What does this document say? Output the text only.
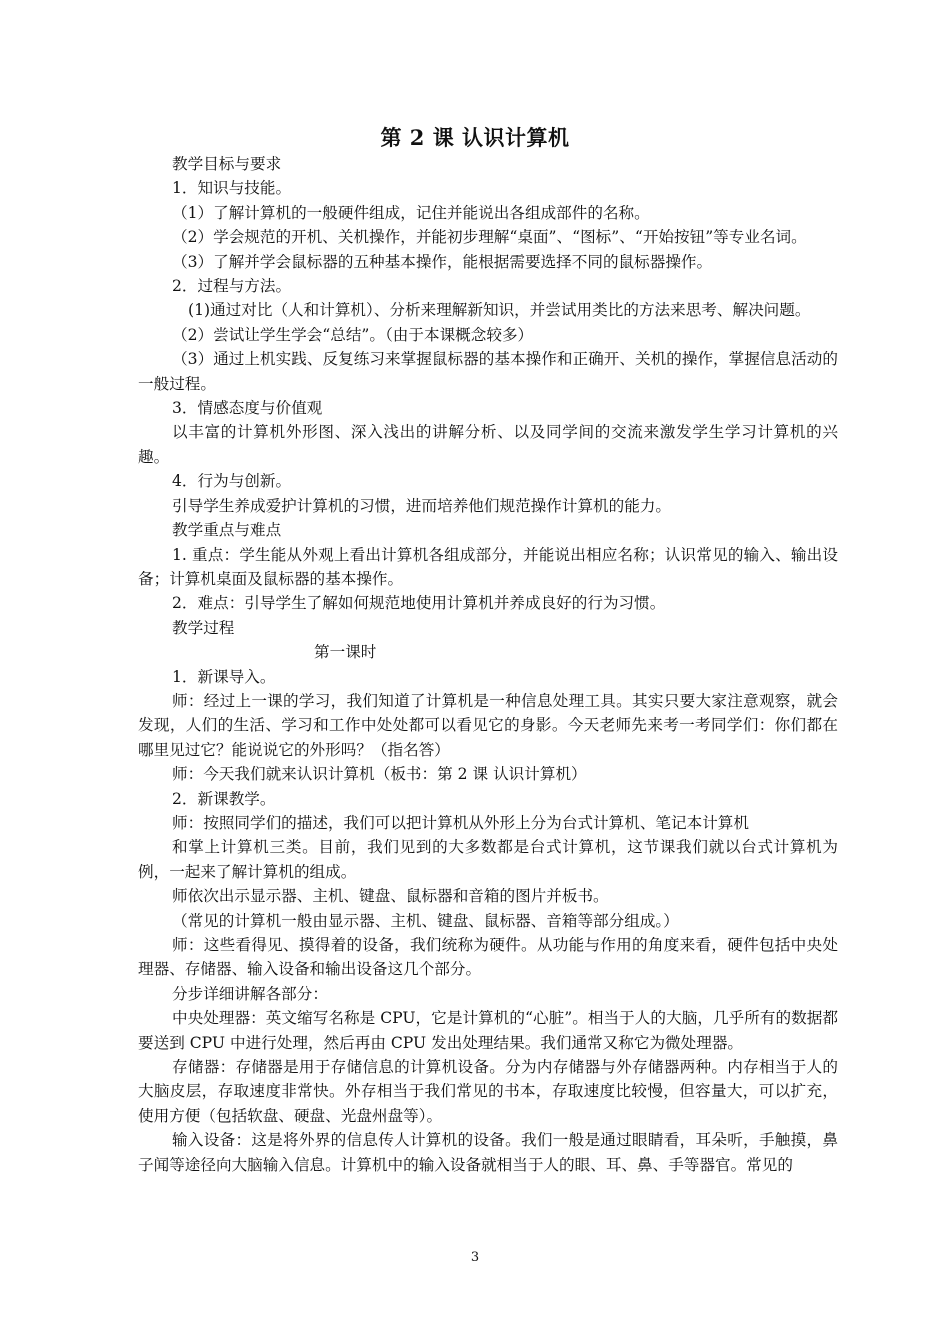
第 2 课 认识计算机

教学目标与要求

1．知识与技能。

（1）了解计算机的一般硬件组成，记住并能说出各组成部件的名称。

（2）学会规范的开机、关机操作，并能初步理解“桌面”、“图标”、“开始按钮”等专业名词。

（3）了解并学会鼠标器的五种基本操作，能根据需要选择不同的鼠标器操作。

2．过程与方法。

(1)通过对比（人和计算机）、分析来理解新知识，并尝试用类比的方法来思考、解决问题。

（2）尝试让学生学会“总结”。（由于本课概念较多）

（3）通过上机实践、反复练习来掌握鼠标器的基本操作和正确开、关机的操作，掌握信息活动的一般过程。

3．情感态度与价值观

以丰富的计算机外形图、深入浅出的讲解分析、以及同学间的交流来激发学生学习计算机的兴趣。

4．行为与创新。

引导学生养成爱护计算机的习惯，进而培养他们规范操作计算机的能力。

教学重点与难点

1. 重点：学生能从外观上看出计算机各组成部分，并能说出相应名称；认识常见的输入、输出设备；计算机桌面及鼠标器的基本操作。

2．难点：引导学生了解如何规范地使用计算机并养成良好的行为习惯。

教学过程

第一课时

1．新课导入。

师：经过上一课的学习，我们知道了计算机是一种信息处理工具。其实只要大家注意观察，就会发现，人们的生活、学习和工作中处处都可以看见它的身影。今天老师先来考一考同学们：你们都在哪里见过它？能说说它的外形吗？（指名答）

师：今天我们就来认识计算机（板书：第 2 课 认识计算机）

2．新课教学。

师：按照同学们的描述，我们可以把计算机从外形上分为台式计算机、笔记本计算机

和掌上计算机三类。目前，我们见到的大多数都是台式计算机，这节课我们就以台式计算机为例，一起来了解计算机的组成。

师依次出示显示器、主机、键盘、鼠标器和音箱的图片并板书。

（常见的计算机一般由显示器、主机、键盘、鼠标器、音箱等部分组成。）

师：这些看得见、摸得着的设备，我们统称为硬件。从功能与作用的角度来看，硬件包括中央处理器、存储器、输入设备和输出设备这几个部分。

分步详细讲解各部分：

中央处理器：英文缩写名称是 CPU，它是计算机的“心脏”。相当于人的大脑，几乎所有的数据都要送到 CPU 中进行处理，然后再由 CPU 发出处理结果。我们通常又称它为微处理器。

存储器：存储器是用于存储信息的计算机设备。分为内存储器与外存储器两种。内存相当于人的大脑皮层，存取速度非常快。外存相当于我们常见的书本，存取速度比较慢，但容量大，可以扩充，使用方便（包括软盘、硬盘、光盘州盘等）。

输入设备：这是将外界的信息传人计算机的设备。我们一般是通过眼睛看，耳朵听，手触摸，鼻子闻等途径向大脑输入信息。计算机中的输入设备就相当于人的眼、耳、鼻、手等器官。常见的

3
